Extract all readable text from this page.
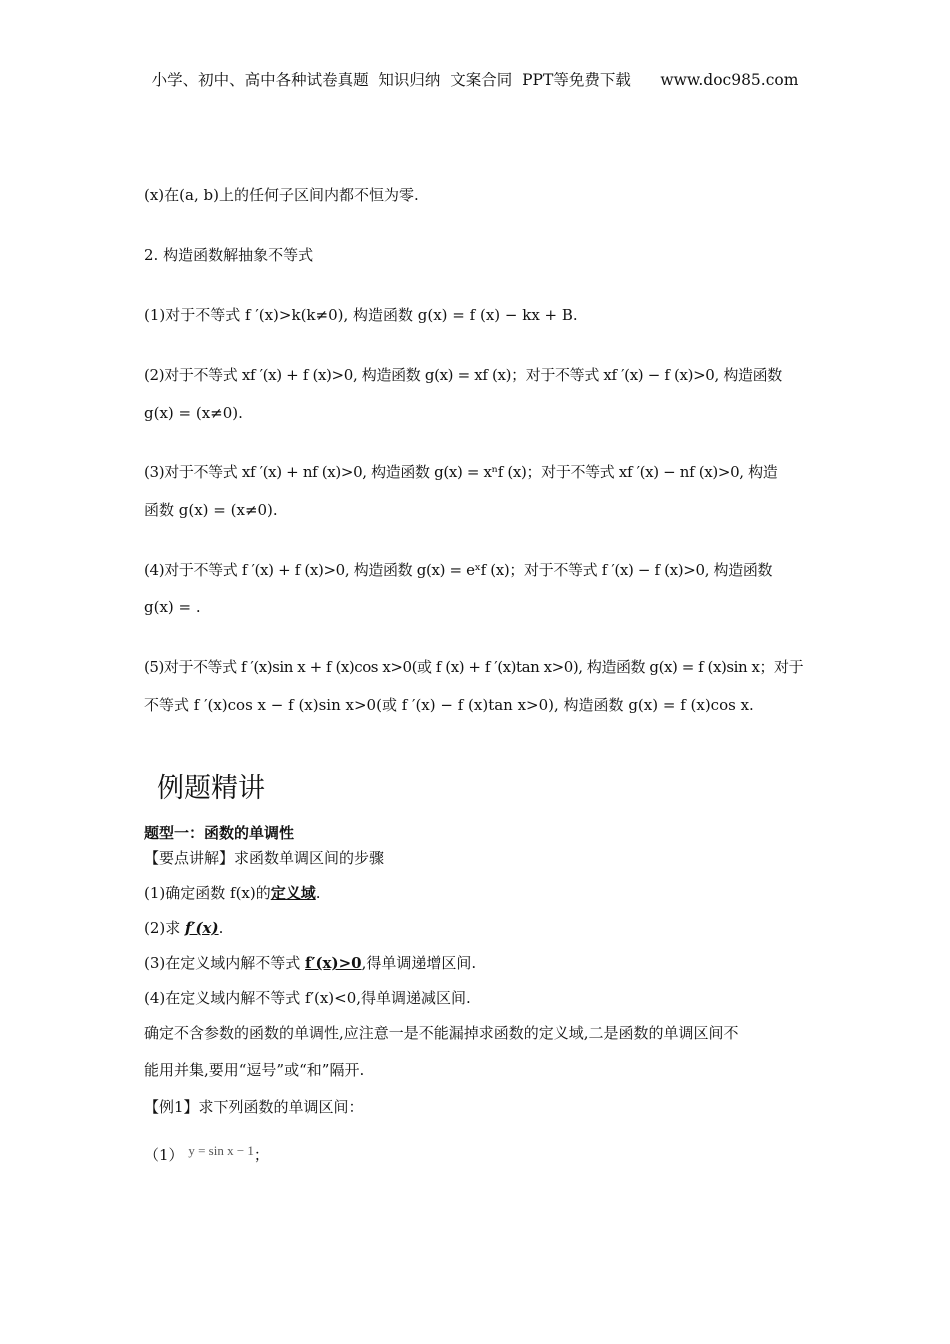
小学、初中、高中各种试卷真题  知识归纳  文案合同  PPT等免费下载      www.doc985.com
(x)在(a, b)上的任何子区间内都不恒为零.
2. 构造函数解抽象不等式
(1)对于不等式 f ′(x)>k(k≠0), 构造函数 g(x) = f (x) − kx + B.
(2)对于不等式 xf ′(x) + f (x)>0, 构造函数 g(x) = xf (x)；对于不等式 xf ′(x) − f (x)>0, 构造函数
g(x) = (x≠0).
(3)对于不等式 xf ′(x) + nf (x)>0, 构造函数 g(x) = xⁿf (x)；对于不等式 xf ′(x) − nf (x)>0, 构造
函数 g(x) = (x≠0).
(4)对于不等式 f ′(x) + f (x)>0, 构造函数 g(x) = eˣf (x)；对于不等式 f ′(x) − f (x)>0, 构造函数
g(x) = .
(5)对于不等式 f ′(x)sin x + f (x)cos x>0(或 f (x) + f ′(x)tan x>0), 构造函数 g(x) = f (x)sin x；对于
不等式 f ′(x)cos x − f (x)sin x>0(或 f ′(x) − f (x)tan x>0), 构造函数 g(x) = f (x)cos x.
例题精讲
题型一：函数的单调性
【要点讲解】求函数单调区间的步骤
(1)确定函数 f(x)的定义域.
(2)求 f′(x).
(3)在定义域内解不等式 f′(x)>0,得单调递增区间.
(4)在定义域内解不等式 f′(x)<0,得单调递减区间.
确定不含参数的函数的单调性,应注意一是不能漏掉求函数的定义域,二是函数的单调区间不
能用并集,要用“逗号”或“和”隔开.
【例1】求下列函数的单调区间：
（1） y = sin x − 1；
